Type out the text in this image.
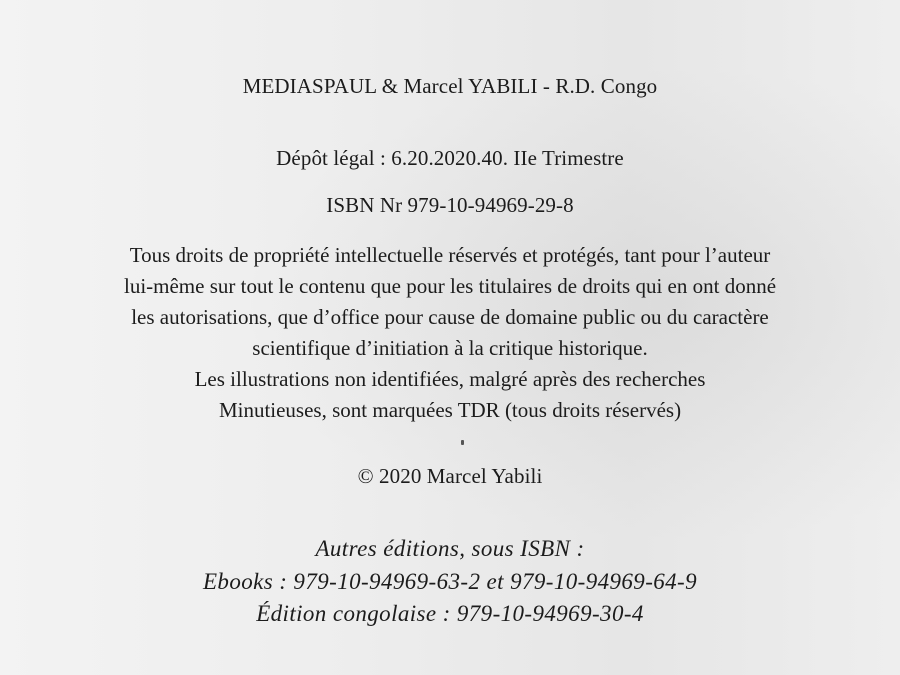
MEDIASPAUL & Marcel YABILI - R.D. Congo
Dépôt légal : 6.20.2020.40. IIe Trimestre
ISBN Nr 979-10-94969-29-8
Tous droits de propriété intellectuelle réservés et protégés, tant pour l’auteur
lui-même sur tout le contenu que pour les titulaires de droits qui en ont donné
les autorisations, que d’office pour cause de domaine public ou du caractère
scientifique d’initiation à la critique historique.
Les illustrations non identifiées, malgré après des recherches
Minutieuses, sont marquées TDR (tous droits réservés)
© 2020 Marcel Yabili
Autres éditions, sous ISBN :
Ebooks : 979-10-94969-63-2 et 979-10-94969-64-9
Édition congolaise : 979-10-94969-30-4
